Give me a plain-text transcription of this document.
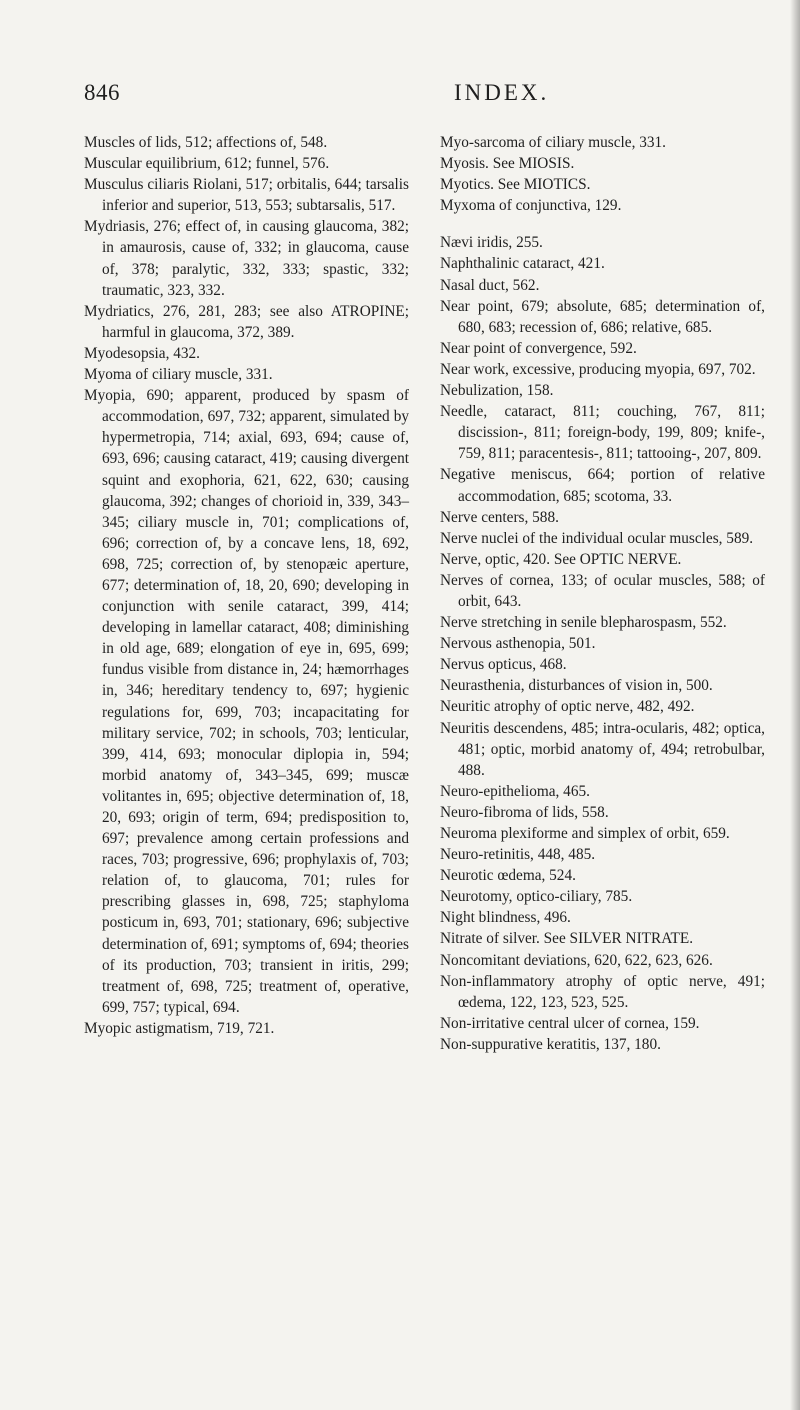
846	INDEX.
Muscles of lids, 512; affections of, 548.
Muscular equilibrium, 612; funnel, 576.
Musculus ciliaris Riolani, 517; orbitalis, 644; tarsalis inferior and superior, 513, 553; subtarsalis, 517.
Mydriasis, 276; effect of, in causing glaucoma, 382; in amaurosis, cause of, 332; in glaucoma, cause of, 378; paralytic, 332, 333; spastic, 332; traumatic, 323, 332.
Mydriatics, 276, 281, 283; see also ATROPINE; harmful in glaucoma, 372, 389.
Myodesopsia, 432.
Myoma of ciliary muscle, 331.
Myopia, 690; apparent, produced by spasm of accommodation, 697, 732; apparent, simulated by hypermetropia, 714; axial, 693, 694; cause of, 693, 696; causing cataract, 419; causing divergent squint and exophoria, 621, 622, 630; causing glaucoma, 392; changes of chorioid in, 339, 343–345; ciliary muscle in, 701; complications of, 696; correction of, by a concave lens, 18, 692, 698, 725; correction of, by stenopæic aperture, 677; determination of, 18, 20, 690; developing in conjunction with senile cataract, 399, 414; developing in lamellar cataract, 408; diminishing in old age, 689; elongation of eye in, 695, 699; fundus visible from distance in, 24; hæmorrhages in, 346; hereditary tendency to, 697; hygienic regulations for, 699, 703; incapacitating for military service, 702; in schools, 703; lenticular, 399, 414, 693; monocular diplopia in, 594; morbid anatomy of, 343–345, 699; muscæ volitantes in, 695; objective determination of, 18, 20, 693; origin of term, 694; predisposition to, 697; prevalence among certain professions and races, 703; progressive, 696; prophylaxis of, 703; relation of, to glaucoma, 701; rules for prescribing glasses in, 698, 725; staphyloma posticum in, 693, 701; stationary, 696; subjective determination of, 691; symptoms of, 694; theories of its production, 703; transient in iritis, 299; treatment of, 698, 725; treatment of, operative, 699, 757; typical, 694.
Myopic astigmatism, 719, 721.
Myo-sarcoma of ciliary muscle, 331.
Myosis. See MIOSIS.
Myotics. See MIOTICS.
Myxoma of conjunctiva, 129.
Nævi iridis, 255.
Naphthalinic cataract, 421.
Nasal duct, 562.
Near point, 679; absolute, 685; determination of, 680, 683; recession of, 686; relative, 685.
Near point of convergence, 592.
Near work, excessive, producing myopia, 697, 702.
Nebulization, 158.
Needle, cataract, 811; couching, 767, 811; discission-, 811; foreign-body, 199, 809; knife-, 759, 811; paracentesis-, 811; tattooing-, 207, 809.
Negative meniscus, 664; portion of relative accommodation, 685; scotoma, 33.
Nerve centers, 588.
Nerve nuclei of the individual ocular muscles, 589.
Nerve, optic, 420. See OPTIC NERVE.
Nerves of cornea, 133; of ocular muscles, 588; of orbit, 643.
Nerve stretching in senile blepharospasm, 552.
Nervous asthenopia, 501.
Nervus opticus, 468.
Neurasthenia, disturbances of vision in, 500.
Neuritic atrophy of optic nerve, 482, 492.
Neuritis descendens, 485; intra-ocularis, 482; optica, 481; optic, morbid anatomy of, 494; retrobulbar, 488.
Neuro-epithelioma, 465.
Neuro-fibroma of lids, 558.
Neuroma plexiforme and simplex of orbit, 659.
Neuro-retinitis, 448, 485.
Neurotic œdema, 524.
Neurotomy, optico-ciliary, 785.
Night blindness, 496.
Nitrate of silver. See SILVER NITRATE.
Noncomitant deviations, 620, 622, 623, 626.
Non-inflammatory atrophy of optic nerve, 491; œdema, 122, 123, 523, 525.
Non-irritative central ulcer of cornea, 159.
Non-suppurative keratitis, 137, 180.
